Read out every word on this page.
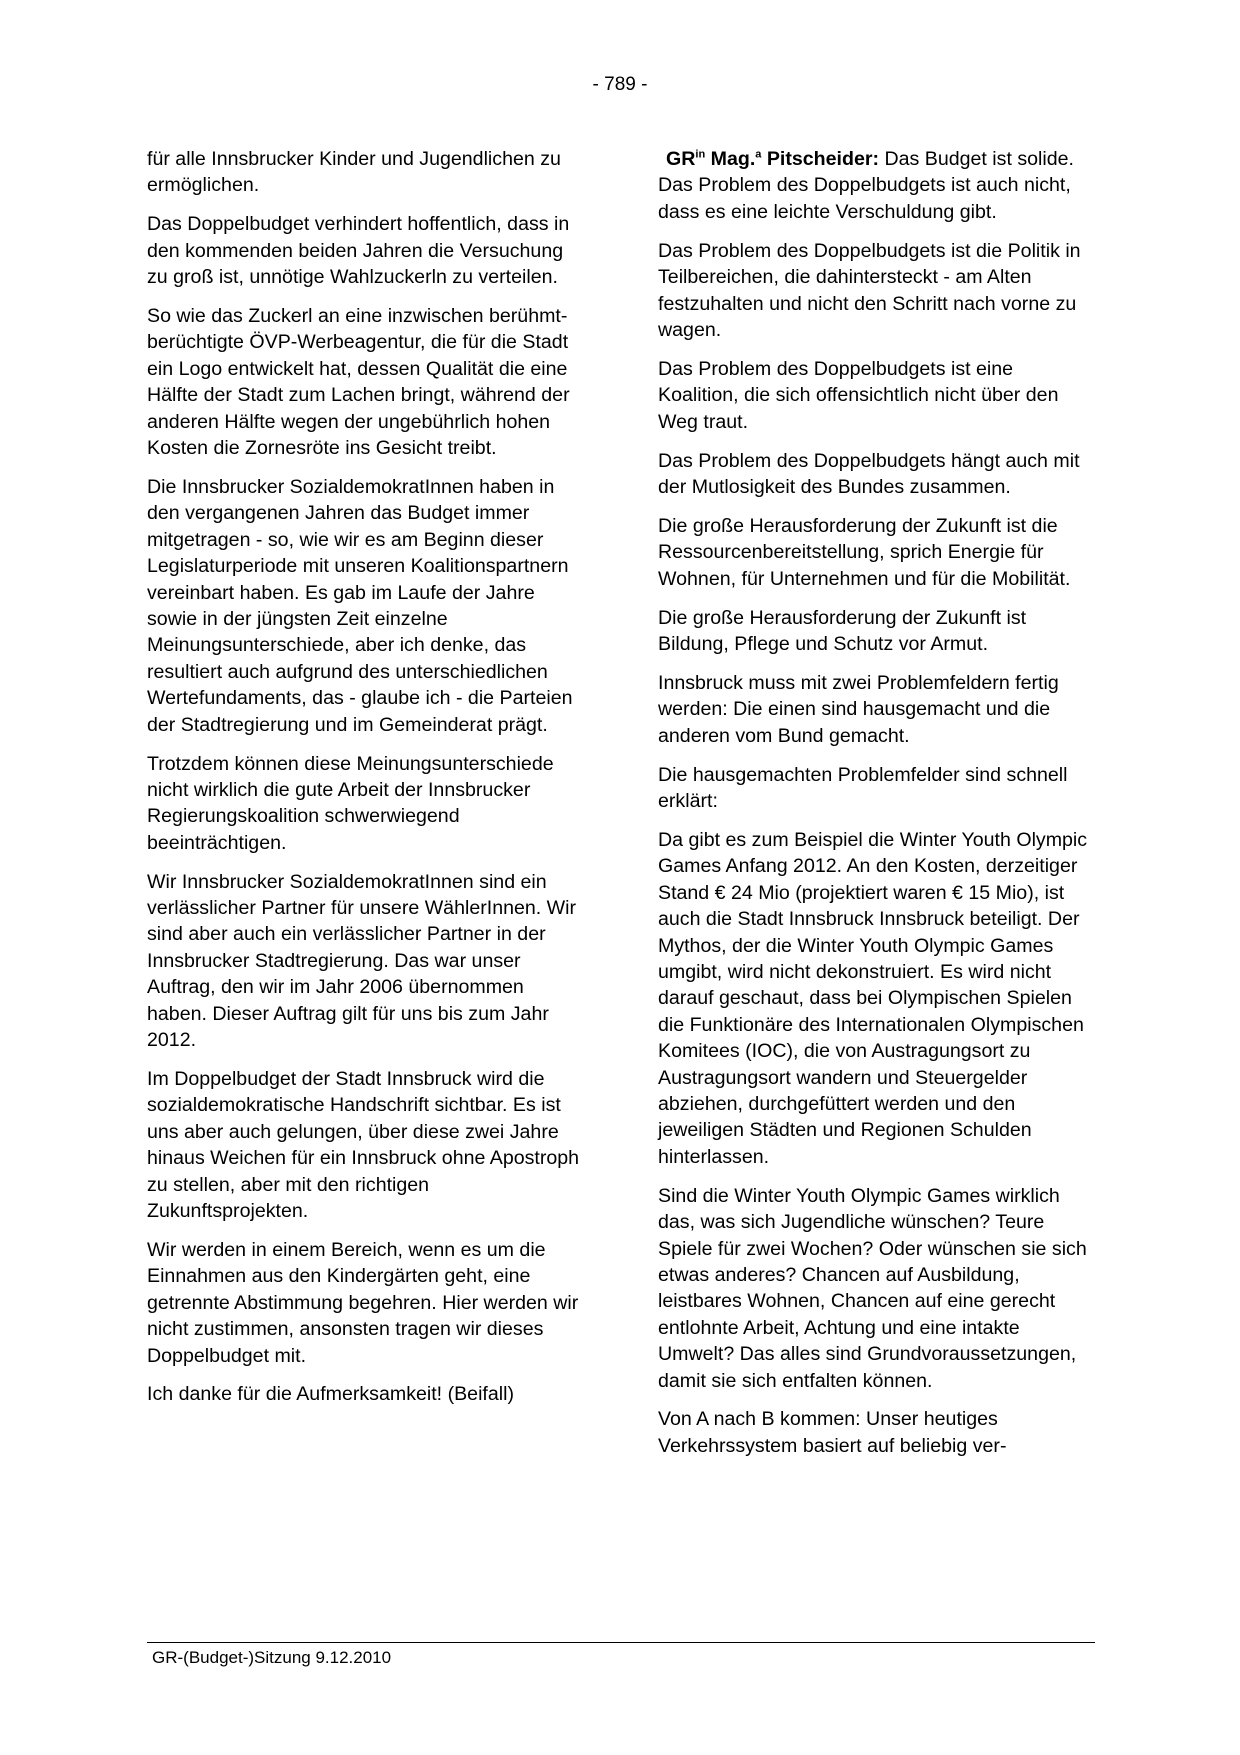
- 789 -

für alle Innsbrucker Kinder und Jugendlichen zu ermöglichen.

Das Doppelbudget verhindert hoffentlich, dass in den kommenden beiden Jahren die Versuchung zu groß ist, unnötige Wahlzuckerln zu verteilen.

So wie das Zuckerl an eine inzwischen berühmt-berüchtigte ÖVP-Werbeagentur, die für die Stadt ein Logo entwickelt hat, dessen Qualität die eine Hälfte der Stadt zum Lachen bringt, während der anderen Hälfte wegen der ungebührlich hohen Kosten die Zornesröte ins Gesicht treibt.

Die Innsbrucker SozialdemokratInnen haben in den vergangenen Jahren das Budget immer mitgetragen - so, wie wir es am Beginn dieser Legislaturperiode mit unseren Koalitionspartnern vereinbart haben. Es gab im Laufe der Jahre sowie in der jüngsten Zeit einzelne Meinungsunterschiede, aber ich denke, das resultiert auch aufgrund des unterschiedlichen Wertefundaments, das - glaube ich - die Parteien der Stadtregierung und im Gemeinderat prägt.

Trotzdem können diese Meinungsunterschiede nicht wirklich die gute Arbeit der Innsbrucker Regierungskoalition schwerwiegend beeinträchtigen.

Wir Innsbrucker SozialdemokratInnen sind ein verlässlicher Partner für unsere WählerInnen. Wir sind aber auch ein verlässlicher Partner in der Innsbrucker Stadtregierung. Das war unser Auftrag, den wir im Jahr 2006 übernommen haben. Dieser Auftrag gilt für uns bis zum Jahr 2012.

Im Doppelbudget der Stadt Innsbruck wird die sozialdemokratische Handschrift sichtbar. Es ist uns aber auch gelungen, über diese zwei Jahre hinaus Weichen für ein Innsbruck ohne Apostroph zu stellen, aber mit den richtigen Zukunftsprojekten.

Wir werden in einem Bereich, wenn es um die Einnahmen aus den Kindergärten geht, eine getrennte Abstimmung begehren. Hier werden wir nicht zustimmen, ansonsten tragen wir dieses Doppelbudget mit.

Ich danke für die Aufmerksamkeit! (Beifall)

$GR^{in}$ Mag.$^a$ Pitscheider: Das Budget ist solide. Das Problem des Doppelbudgets ist auch nicht, dass es eine leichte Verschuldung gibt.

Das Problem des Doppelbudgets ist die Politik in Teilbereichen, die dahintersteckt - am Alten festzuhalten und nicht den Schritt nach vorne zu wagen.

Das Problem des Doppelbudgets ist eine Koalition, die sich offensichtlich nicht über den Weg traut.

Das Problem des Doppelbudgets hängt auch mit der Mutlosigkeit des Bundes zusammen.

Die große Herausforderung der Zukunft ist die Ressourcenbereitstellung, sprich Energie für Wohnen, für Unternehmen und für die Mobilität.

Die große Herausforderung der Zukunft ist Bildung, Pflege und Schutz vor Armut.

Innsbruck muss mit zwei Problemfeldern fertig werden: Die einen sind hausgemacht und die anderen vom Bund gemacht.

Die hausgemachten Problemfelder sind schnell erklärt:

Da gibt es zum Beispiel die Winter Youth Olympic Games Anfang 2012. An den Kosten, derzeitiger Stand € 24 Mio (projektiert waren € 15 Mio), ist auch die Stadt Innsbruck Innsbruck beteiligt. Der Mythos, der die Winter Youth Olympic Games umgibt, wird nicht dekonstruiert. Es wird nicht darauf geschaut, dass bei Olympischen Spielen die Funktionäre des Internationalen Olympischen Komitees (IOC), die von Austragungsort zu Austragungsort wandern und Steuergelder abziehen, durchgefüttert werden und den jeweiligen Städten und Regionen Schulden hinterlassen.

Sind die Winter Youth Olympic Games wirklich das, was sich Jugendliche wünschen? Teure Spiele für zwei Wochen? Oder wünschen sie sich etwas anderes? Chancen auf Ausbildung, leistbares Wohnen, Chancen auf eine gerecht entlohnte Arbeit, Achtung und eine intakte Umwelt? Das alles sind Grundvoraussetzungen, damit sie sich entfalten können.

Von A nach B kommen: Unser heutiges Verkehrssystem basiert auf beliebig ver-

GR-(Budget-)Sitzung 9.12.2010
